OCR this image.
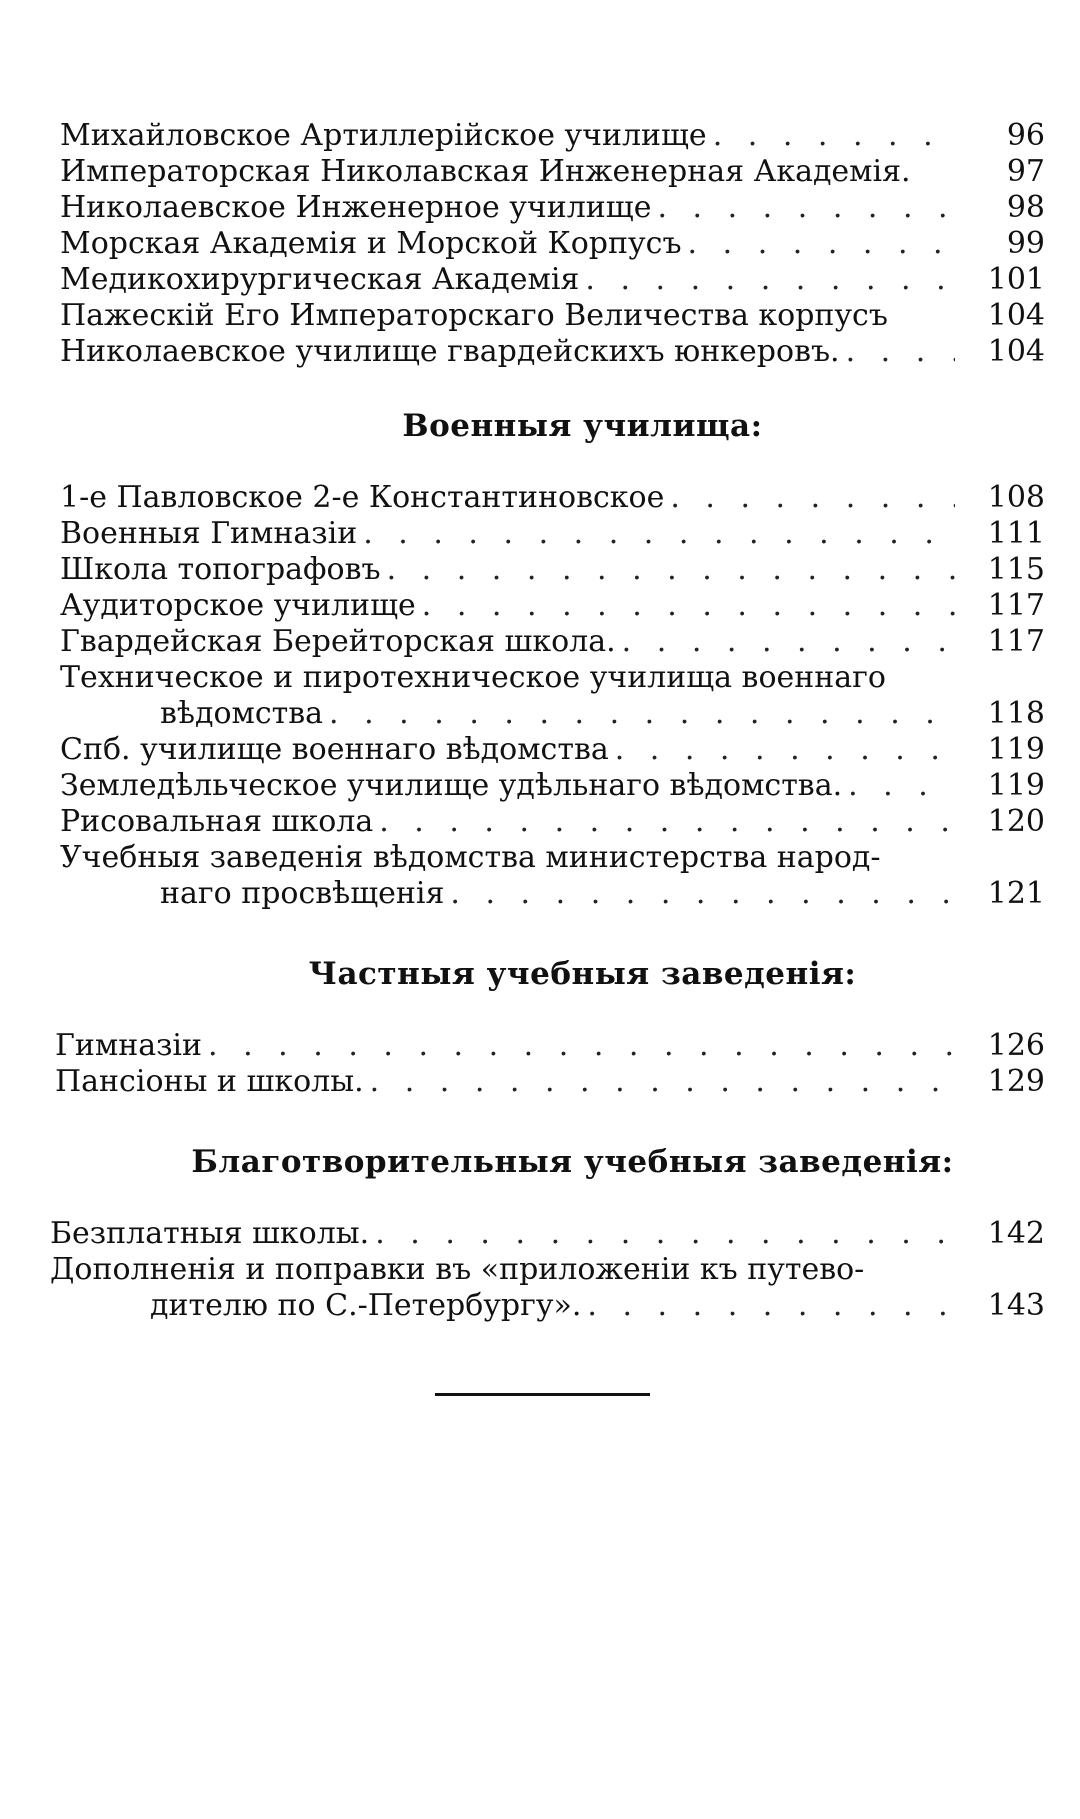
Михайловское Артиллерійское училище . . .	96
Императорская Николавская Инженерная Академія.	97
Николаевское Инженерное училище . . .	98
Морская Академія и Морской Корпусъ . . .	99
Медикохирургическая Академія . . .	101
Пажескій Его Императорскаго Величества корпусъ	104
Николаевское училище гвардейскихъ юнкеровъ. . . .	104
Военныя училища:
1-е Павловское 2-е Константиновское . . .	108
Военныя Гимназіи . . .	111
Школа топографовъ . . .	115
Аудиторское училище . . .	117
Гвардейская Берейторская школа. . . .	117
Техническое и пиротехническое училища военнаго
вѣдомства . . .	118
Спб. училище военнаго вѣдомства . . .	119
Земледѣльческое училище удѣльнаго вѣдомства. . . .	119
Рисовальная школа . . .	120
Учебныя заведенія вѣдомства министерства народ-
наго просвѣщенія . . .	121
Частныя учебныя заведенія:
Гимназіи . . .	126
Пансіоны и школы. . . .	129
Благотворительныя учебныя заведенія:
Безплатныя школы. . . .	142
Дополненія и поправки въ «приложеніи къ путево-
дителю по С.-Петербургу». . . .	143
